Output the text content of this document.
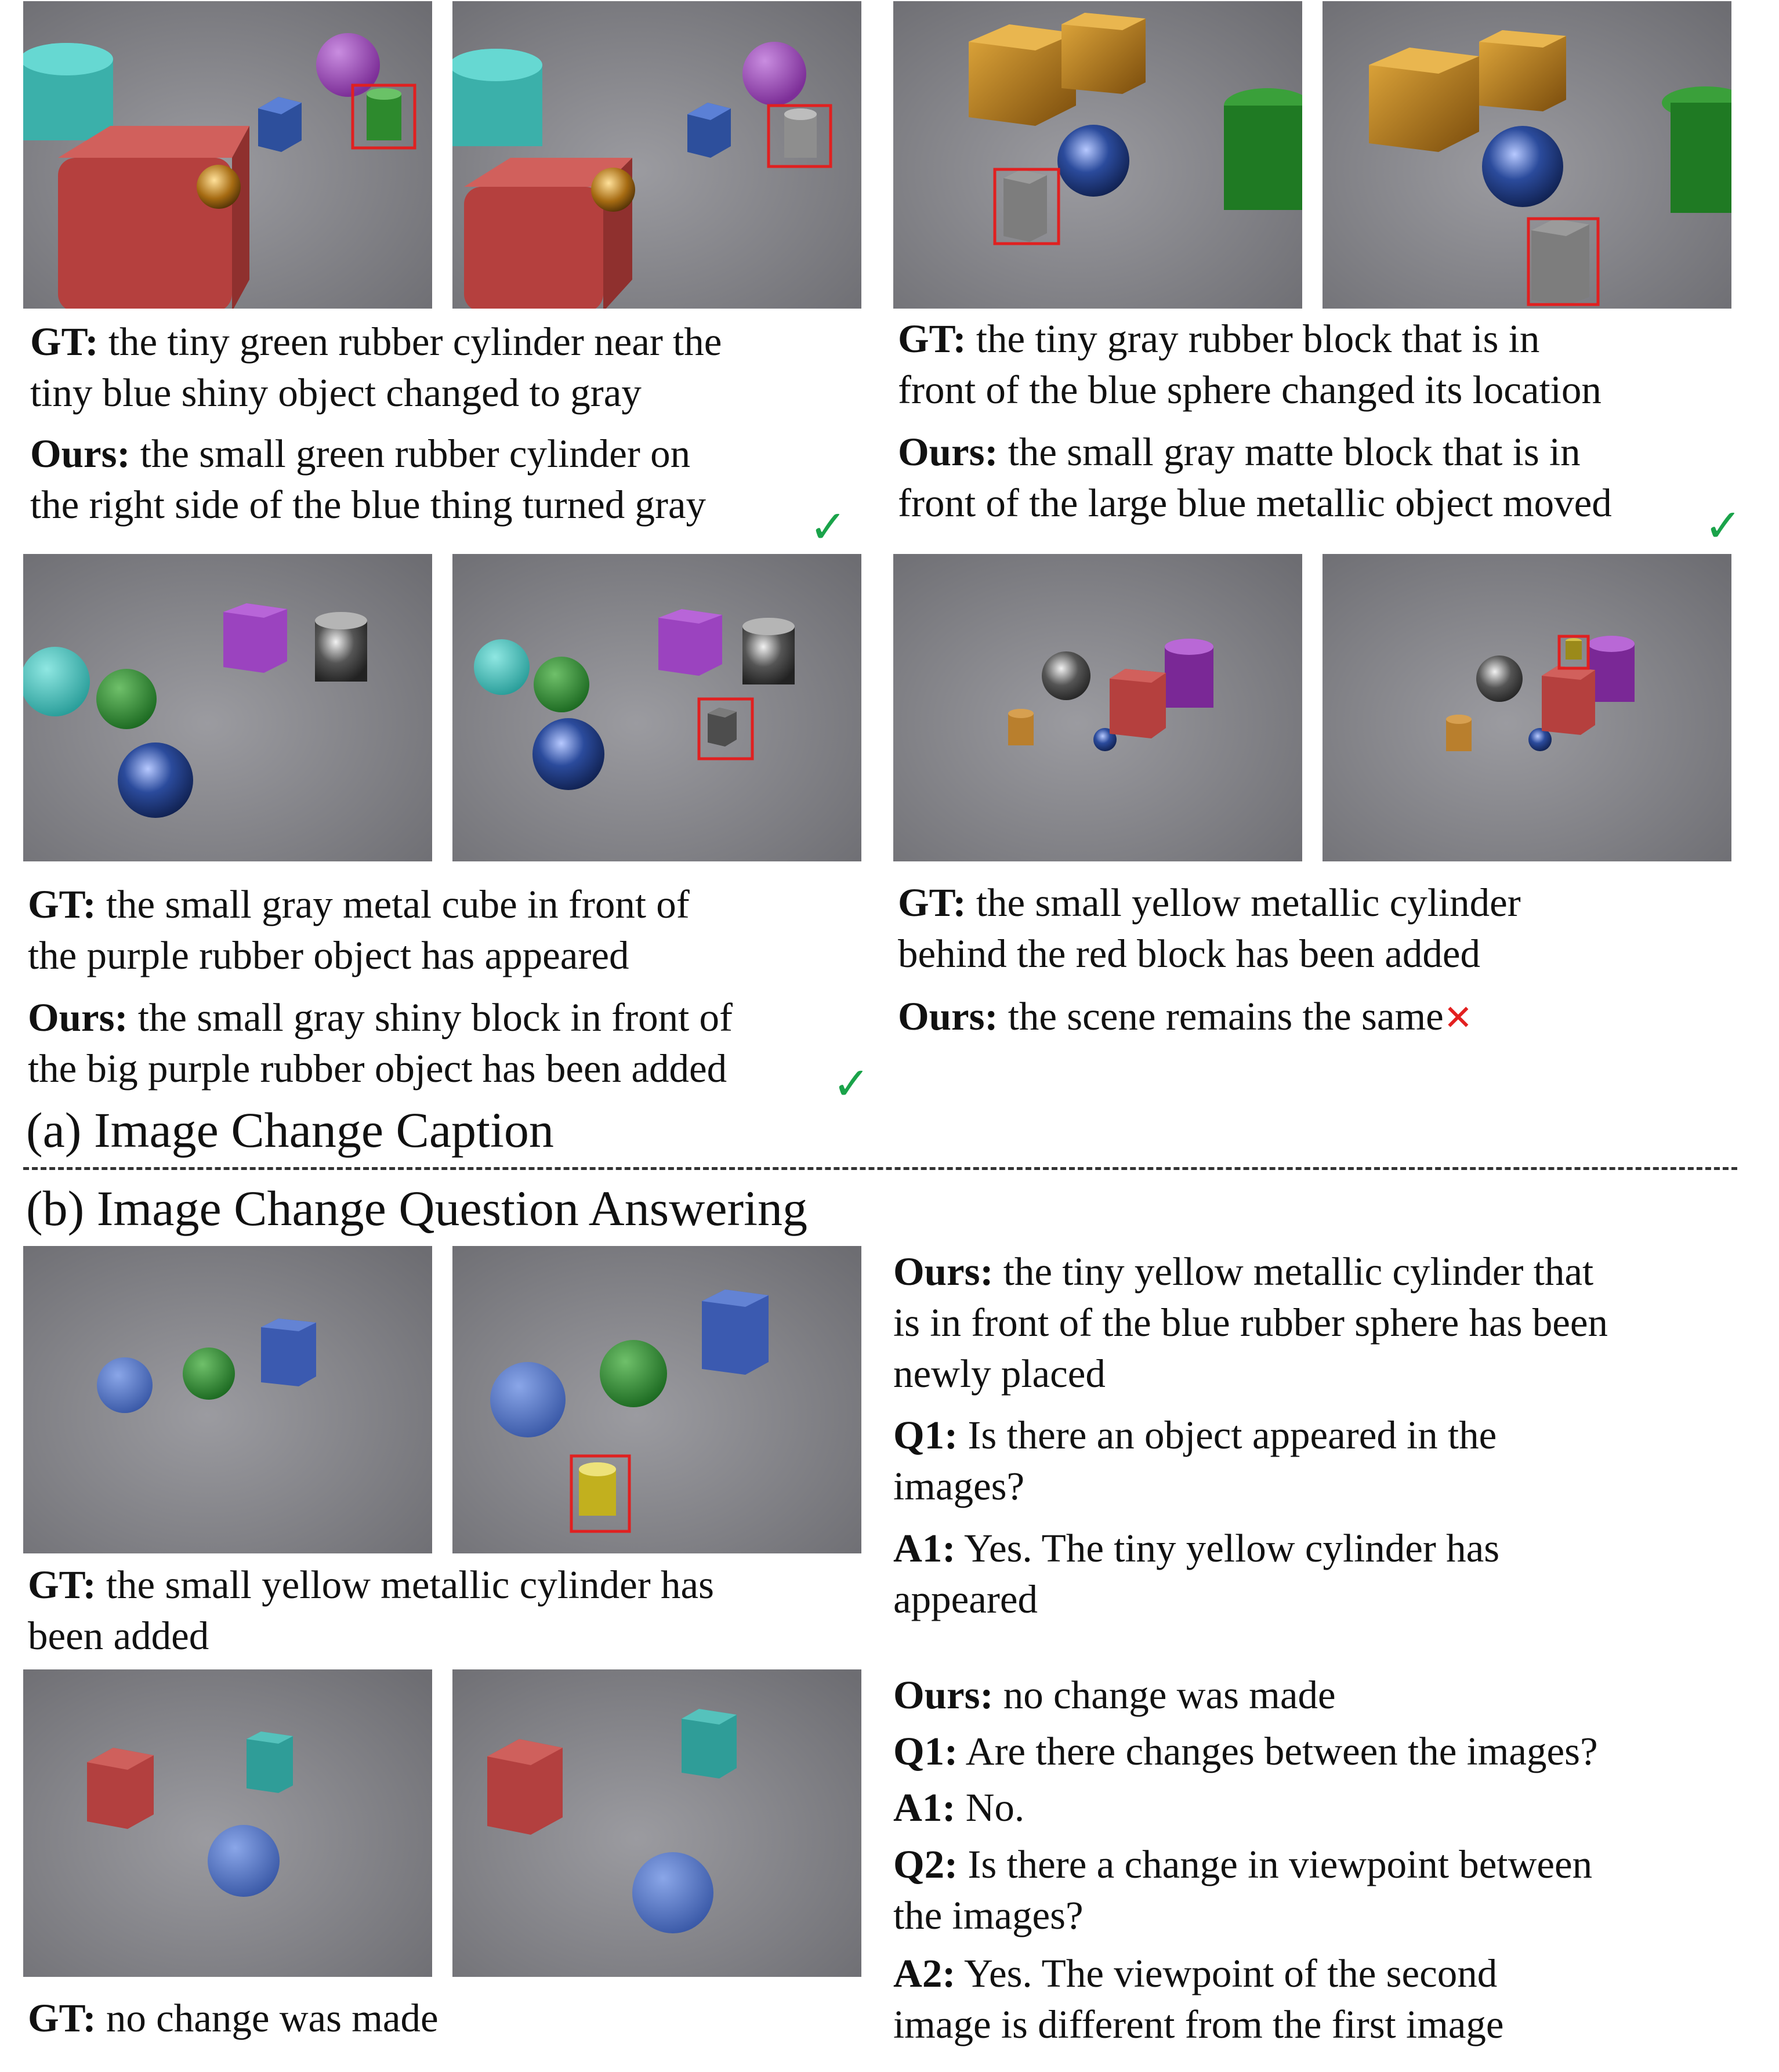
GT: the tiny green rubber cylinder near the
tiny blue shiny object changed to gray
Ours: the small green rubber cylinder on
the right side of the blue thing turned gray ✓
GT: the tiny gray rubber block that is in
front of the blue sphere changed its location
Ours: the small gray matte block that is in
front of the large blue metallic object moved ✓
GT: the small gray metal cube in front of
the purple rubber object has appeared
Ours: the small gray shiny block in front of
the big purple rubber object has been added ✓
GT: the small yellow metallic cylinder
behind the red block has been added
Ours: the scene remains the same✕
(a) Image Change Caption
(b) Image Change Question Answering
GT: the small yellow metallic cylinder has
been added
Ours: the tiny yellow metallic cylinder that
is in front of the blue rubber sphere has been
newly placed
Q1: Is there an object appeared in the
images?
A1: Yes. The tiny yellow cylinder has
appeared
GT: no change was made
Ours: no change was made
Q1: Are there changes between the images?
A1: No.
Q2: Is there a change in viewpoint between
the images?
A2: Yes. The viewpoint of the second
image is different from the first image
